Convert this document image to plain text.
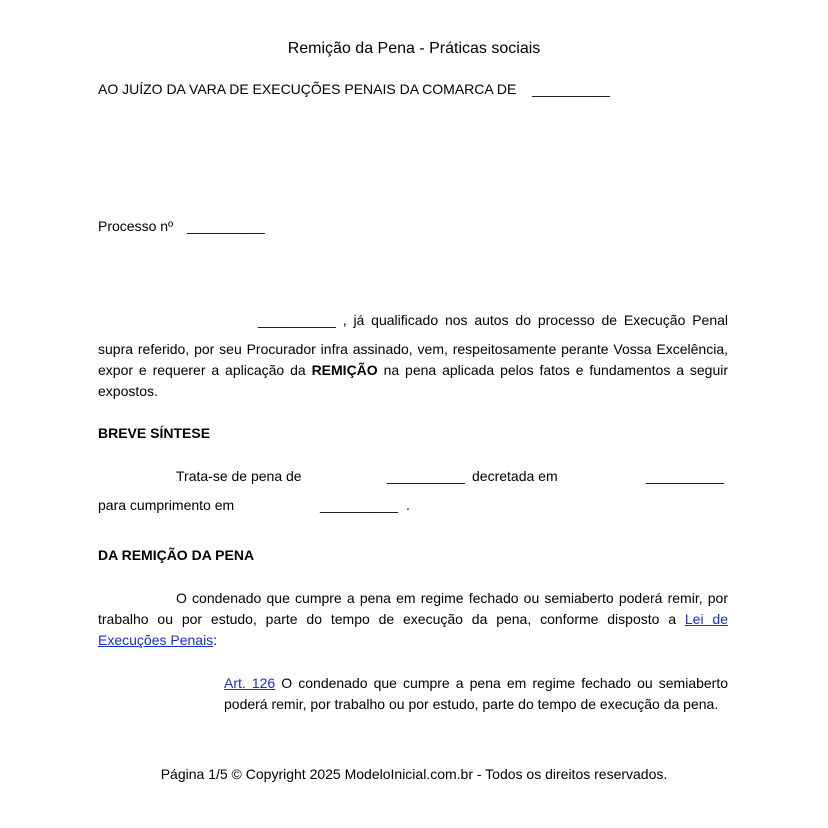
Remição da Pena - Práticas sociais
AO JUÍZO DA VARA DE EXECUÇÕES PENAIS DA COMARCA DE __________
Processo nº __________
__________ , já qualificado nos autos do processo de Execução Penal
supra referido, por seu Procurador infra assinado, vem, respeitosamente perante Vossa Excelência,
expor e requerer a aplicação da REMIÇÃO na pena aplicada pelos fatos e fundamentos a seguir
expostos.
BREVE SÍNTESE
Trata-se de pena de	__________ decretada em	__________
para cumprimento em	__________ .
DA REMIÇÃO DA PENA
O condenado que cumpre a pena em regime fechado ou semiaberto poderá remir, por
trabalho ou por estudo, parte do tempo de execução da pena, conforme disposto a Lei de
Execuções Penais:
Art. 126 O condenado que cumpre a pena em regime fechado ou semiaberto
poderá remir, por trabalho ou por estudo, parte do tempo de execução da pena.
Página 1/5 © Copyright 2025 ModeloInicial.com.br - Todos os direitos reservados.
